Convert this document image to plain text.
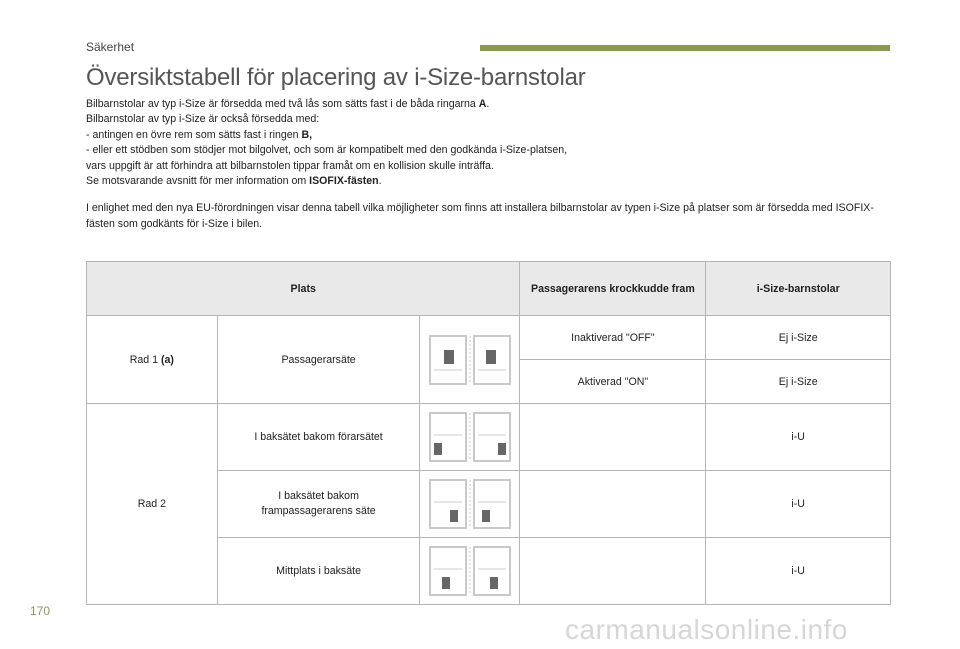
Säkerhet
Översiktstabell för placering av i-Size-barnstolar

Bilbarnstolar av typ i-Size är försedda med två lås som sätts fast i de båda ringarna A.

Bilbarnstolar av typ i-Size är också försedda med:

- antingen en övre rem som sätts fast i ringen B,

- eller ett stödben som stödjer mot bilgolvet, och som är kompatibelt med den godkända i-Size-platsen,

vars uppgift är att förhindra att bilbarnstolen tippar framåt om en kollision skulle inträffa.

Se motsvarande avsnitt för mer information om ISOFIX-fästen.

I enlighet med den nya EU-förordningen visar denna tabell vilka möjligheter som finns att installera bilbarnstolar av typen i-Size på platser som är försedda med ISOFIX-fästen som godkänts för i-Size i bilen.

Plats			Passagerarens krockkudde fram	i-Size-barnstolar
Rad 1 (a)	Passagerarsäte		Inaktiverad "OFF"	Ej i-Size
			Aktiverad "ON"	Ej i-Size
Rad 2	I baksätet bakom förarsätet			i-U
	I baksätet bakom frampassagerarens säte			i-U
	Mittplats i baksäte			i-U
170
carmanualsonline.info
